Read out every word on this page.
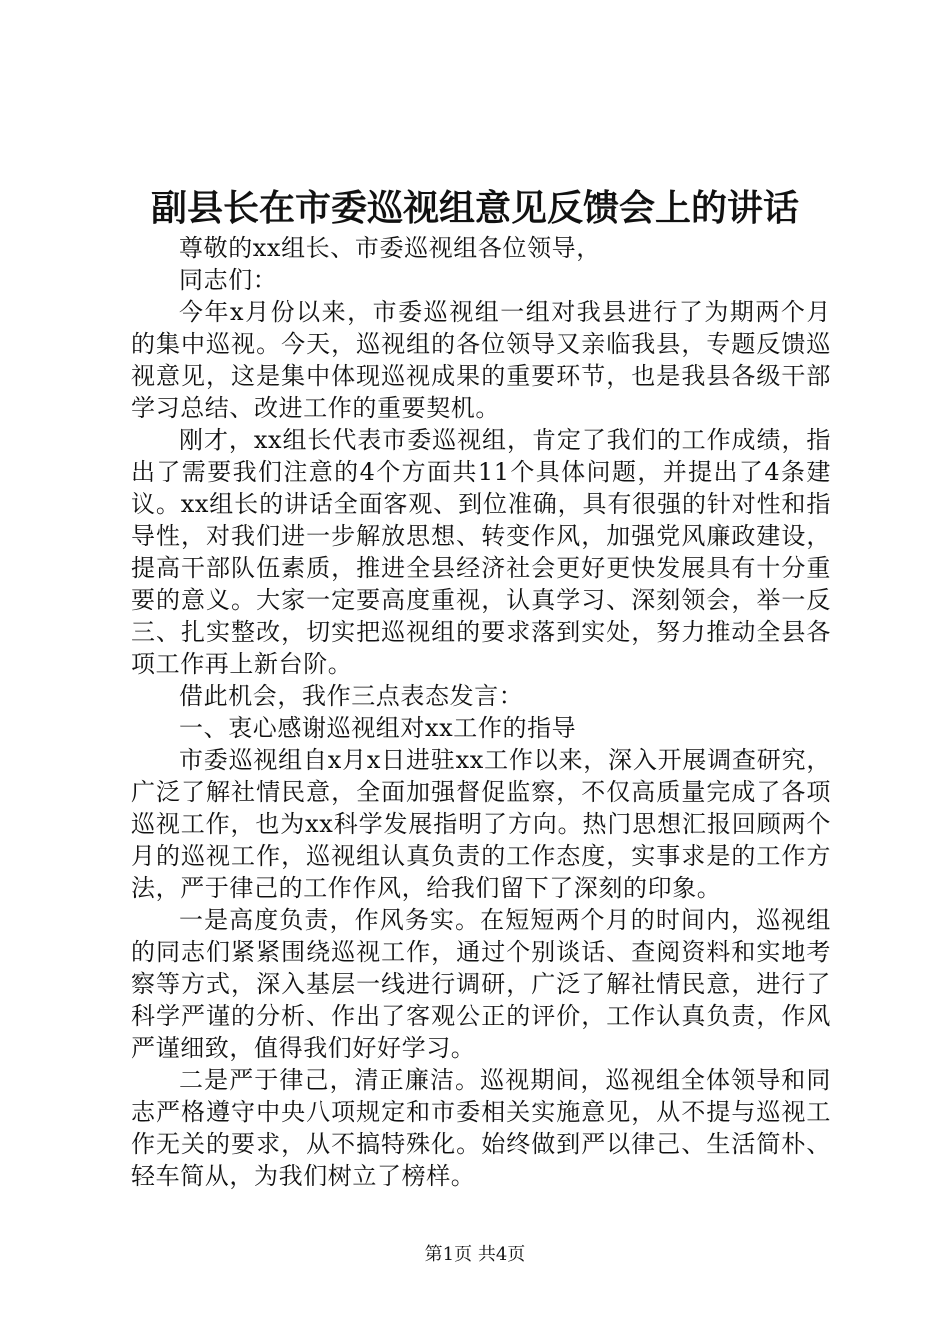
副县长在市委巡视组意见反馈会上的讲话

尊敬的xx组长、市委巡视组各位领导，

同志们：

今年x月份以来，市委巡视组一组对我县进行了为期两个月的集中巡视。今天，巡视组的各位领导又亲临我县，专题反馈巡视意见，这是集中体现巡视成果的重要环节，也是我县各级干部学习总结、改进工作的重要契机。

刚才，xx组长代表市委巡视组，肯定了我们的工作成绩，指出了需要我们注意的4个方面共11个具体问题，并提出了4条建议。xx组长的讲话全面客观、到位准确，具有很强的针对性和指导性，对我们进一步解放思想、转变作风，加强党风廉政建设，提高干部队伍素质，推进全县经济社会更好更快发展具有十分重要的意义。大家一定要高度重视，认真学习、深刻领会，举一反三、扎实整改，切实把巡视组的要求落到实处，努力推动全县各项工作再上新台阶。

借此机会，我作三点表态发言：

一、衷心感谢巡视组对xx工作的指导

市委巡视组自x月x日进驻xx工作以来，深入开展调查研究，广泛了解社情民意，全面加强督促监察，不仅高质量完成了各项巡视工作，也为xx科学发展指明了方向。热门思想汇报回顾两个月的巡视工作，巡视组认真负责的工作态度，实事求是的工作方法，严于律己的工作作风，给我们留下了深刻的印象。

一是高度负责，作风务实。在短短两个月的时间内，巡视组的同志们紧紧围绕巡视工作，通过个别谈话、查阅资料和实地考察等方式，深入基层一线进行调研，广泛了解社情民意，进行了科学严谨的分析、作出了客观公正的评价，工作认真负责，作风严谨细致，值得我们好好学习。

二是严于律己，清正廉洁。巡视期间，巡视组全体领导和同志严格遵守中央八项规定和市委相关实施意见，从不提与巡视工作无关的要求，从不搞特殊化。始终做到严以律己、生活简朴、轻车简从，为我们树立了榜样。

第1页 共4页
